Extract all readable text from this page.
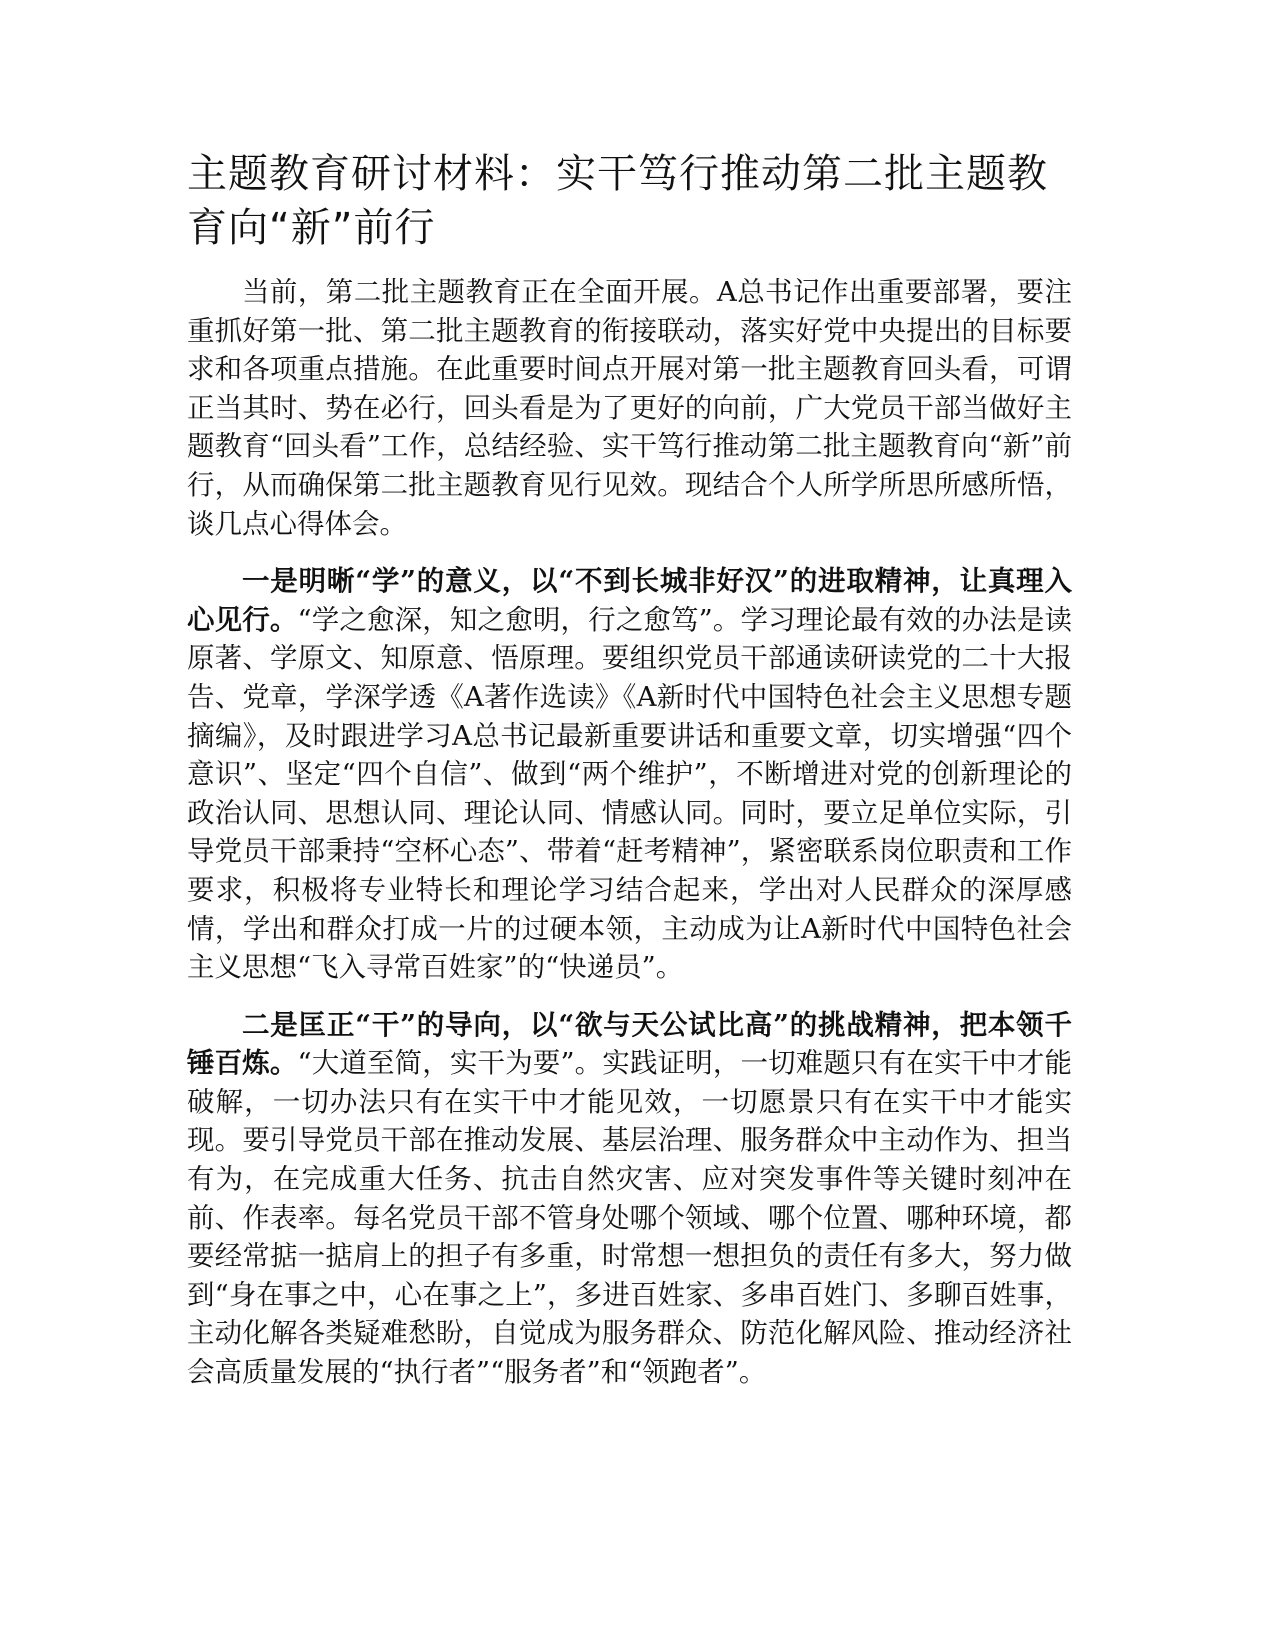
主题教育研讨材料：实干笃行推动第二批主题教育向“新”前行

当前，第二批主题教育正在全面开展。A总书记作出重要部署，要注重抓好第一批、第二批主题教育的衔接联动，落实好党中央提出的目标要求和各项重点措施。在此重要时间点开展对第一批主题教育回头看，可谓正当其时、势在必行，回头看是为了更好的向前，广大党员干部当做好主题教育“回头看”工作，总结经验、实干笃行推动第二批主题教育向“新”前行，从而确保第二批主题教育见行见效。现结合个人所学所思所感所悟，谈几点心得体会。

一是明晰“学”的意义，以“不到长城非好汉”的进取精神，让真理入心见行。“学之愈深，知之愈明，行之愈笃”。学习理论最有效的办法是读原著、学原文、知原意、悟原理。要组织党员干部通读研读党的二十大报告、党章，学深学透《A著作选读》《A新时代中国特色社会主义思想专题摘编》，及时跟进学习A总书记最新重要讲话和重要文章，切实增强“四个意识”、坚定“四个自信”、做到“两个维护”，不断增进对党的创新理论的政治认同、思想认同、理论认同、情感认同。同时，要立足单位实际，引导党员干部秉持“空杯心态”、带着“赶考精神”，紧密联系岗位职责和工作要求，积极将专业特长和理论学习结合起来，学出对人民群众的深厚感情，学出和群众打成一片的过硬本领，主动成为让A新时代中国特色社会主义思想“飞入寻常百姓家”的“快递员”。

二是匡正“干”的导向，以“欲与天公试比高”的挑战精神，把本领千锤百炼。“大道至简，实干为要”。实践证明，一切难题只有在实干中才能破解，一切办法只有在实干中才能见效，一切愿景只有在实干中才能实现。要引导党员干部在推动发展、基层治理、服务群众中主动作为、担当有为，在完成重大任务、抗击自然灾害、应对突发事件等关键时刻冲在前、作表率。每名党员干部不管身处哪个领域、哪个位置、哪种环境，都要经常掂一掂肩上的担子有多重，时常想一想担负的责任有多大，努力做到“身在事之中，心在事之上”，多进百姓家、多串百姓门、多聊百姓事，主动化解各类疑难愁盼，自觉成为服务群众、防范化解风险、推动经济社会高质量发展的“执行者”“服务者”和“领跑者”。
